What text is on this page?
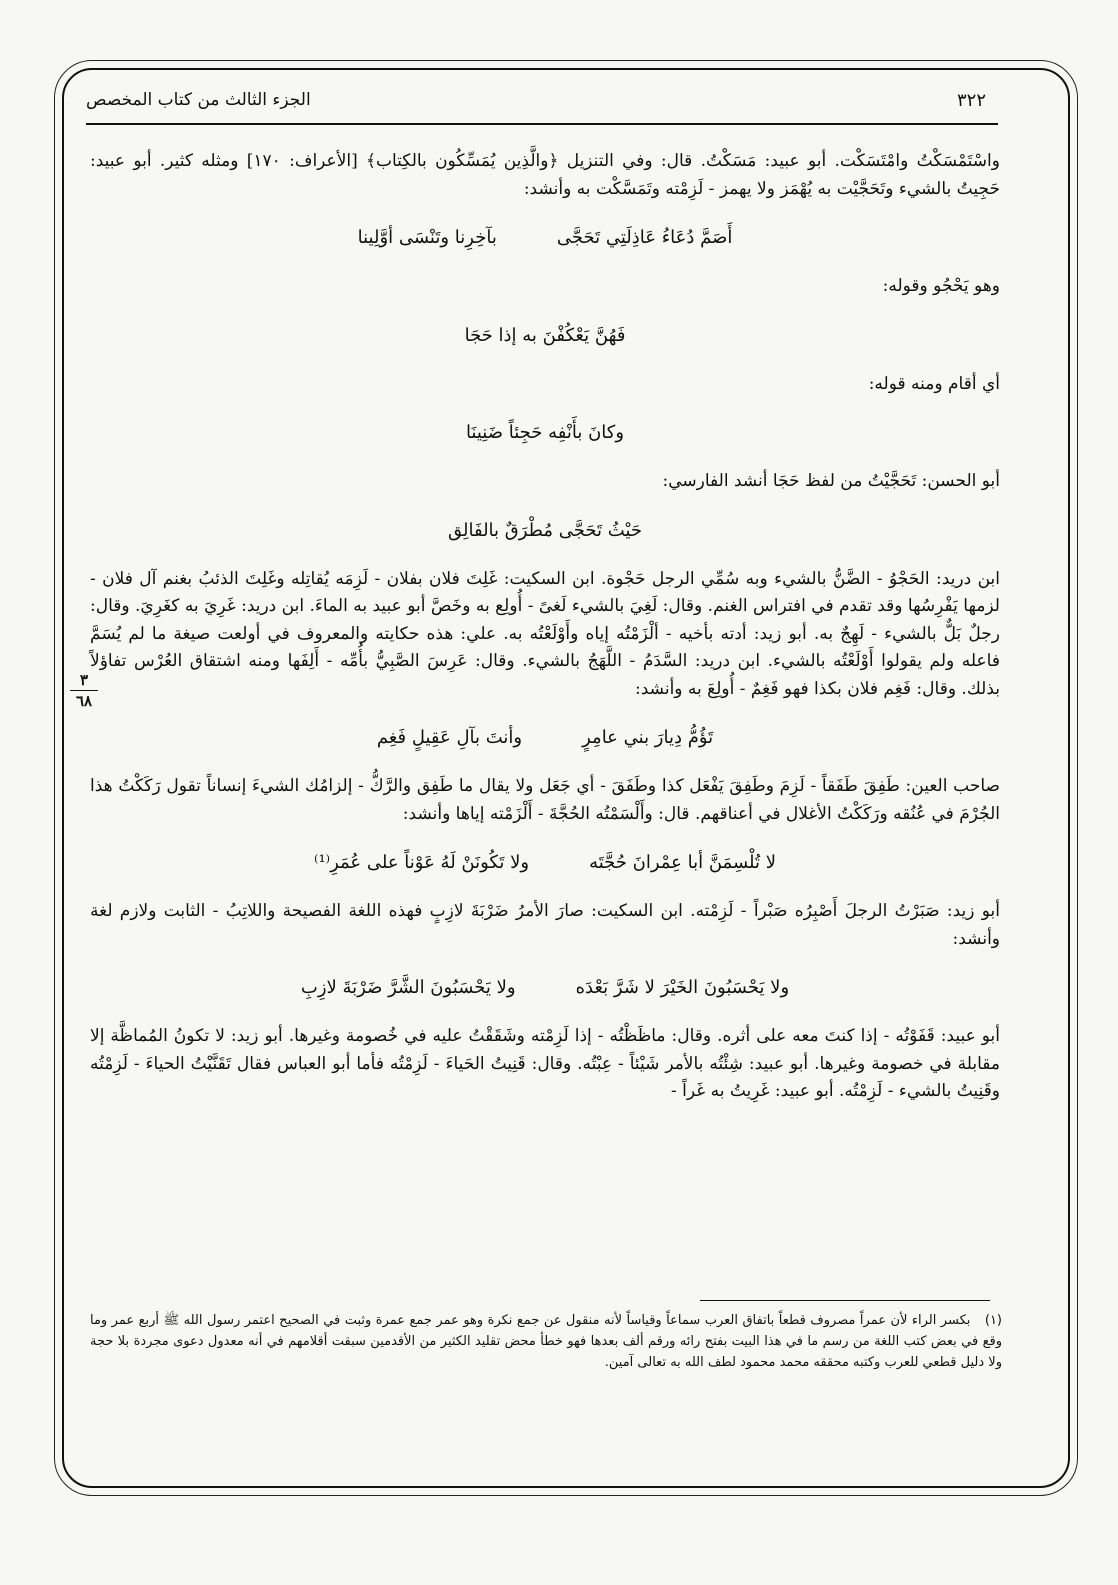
٣٢٢
الجزء الثالث من كتاب المخصص
٣
٦٨

واسْتَمْسَكْتُ وامْتَسَكْت. أبو عبيد: مَسَكْتُ. قال: وفي التنزيل ﴿والَّذِين يُمَسِّكُون بالكِتاب﴾ [الأعراف: ١٧٠] ومثله كثير. أبو عبيد: حَجِيتُ بالشيء وتَحَجَّيْت به يُهْمَز ولا يهمز - لَزِمْته وتَمَسَّكْت به وأنشد:

أَصَمَّ دُعَاءُ عَاذِلَتِي تَحَجَّى
بآخِرِنا وتَنْسَى أوَّلِينا

وهو يَحْجُو وقوله:

فَهُنَّ يَعْكُفْنَ به إذا حَجَا

أي أقام ومنه قوله:

وكانَ بأَنْفِه حَجِئاً ضَنِينَا

أبو الحسن: تَحَجَّيْتُ من لفظ حَجَا أنشد الفارسي:

حَيْثُ تَحَجَّى مُطْرَقٌ بالفَالِق

ابن دريد: الحَجْوُ - الضَّنُّ بالشيء وبه سُمِّي الرجل حَجْوة. ابن السكيت: غَلِتَ فلان بفلان - لَزِمَه يُقاتِله وغَلِتَ الذئبُ بغنم آل فلان - لزمها يَفْرِسُها وقد تقدم في افتراس الغنم. وقال: لَغِيَ بالشيء لَغىً - أُولِع به وخَصَّ أبو عبيد به الماءَ. ابن دريد: غَرِيَ به كغَرِيَ. وقال: رجلٌ بَلٌّ بالشيء - لَهِجٌ به. أبو زيد: أدته بأخيه - ألْزَمْتُه إياه وأَوْلَعْتُه به. علي: هذه حكايته والمعروف في أولعت صيغة ما لم يُسَمَّ فاعله ولم يقولوا أَوْلَعْتُه بالشيء. ابن دريد: السَّدَمُ - اللَّهَجُ بالشيء. وقال: عَرِسَ الصَّبِيُّ بأُمِّه - أَلِفَها ومنه اشتقاق العُرْس تفاؤلاً بذلك. وقال: فَغِم فلان بكذا فهو فَغِمٌ - أُولِعَ به وأنشد:

تَؤُمُّ دِيارَ بني عامِرٍ
وأنتَ بآلِ عَقِيلٍ فَغِم

صاحب العين: طَفِقَ طَفَقاً - لَزِمَ وطَفِقَ يَفْعَل كذا وطَفَقَ - أي جَعَل ولا يقال ما طَفِق والرَّكُّ - إلزامُك الشيءَ إنساناً تقول رَكَكْتُ هذا الجُرْمَ في عُنُقه ورَكَكْتُ الأغلال في أعناقهم. قال: وأَلْسَمْتُه الحُجَّةَ - أَلْزَمْته إياها وأنشد:

لا تُلْسِمَنَّ أبا عِمْرانَ حُجَّتَه
ولا تَكُونَنْ لَهُ عَوْناً على عُمَرِ⁽¹⁾

أبو زيد: صَبَرْتُ الرجلَ أَصْبِرُه صَبْراً - لَزِمْته. ابن السكيت: صارَ الأمرُ ضَرْبَةَ لازِبٍ فهذه اللغة الفصيحة واللاتِبُ - الثابت ولازم لغة وأنشد:

ولا يَحْسَبُونَ الخَيْرَ لا شَرَّ بَعْدَه
ولا يَحْسَبُونَ الشَّرَّ ضَرْبَةَ لازِبِ

أبو عبيد: قَفَوْتُه - إذا كنتَ معه على أثره. وقال: ماظَظْتُه - إذا لَزِمْته وشَقَقْتُ عليه في خُصومة وغيرها. أبو زيد: لا تكونُ المُماظَّة إلا مقابلة في خصومة وغيرها. أبو عبيد: شِئْتُه بالأمر شَيْئاً - عِبْتُه. وقال: قَنِيتُ الحَياءَ - لَزِمْتُه فأما أبو العباس فقال تَقَنَّيْتُ الحياءَ - لَزِمْتُه وقَنِيتُ بالشيء - لَزِمْتُه. أبو عبيد: غَرِيتُ به غَراً -

(١) بكسر الراء لأن عمراً مصروف قطعاً باتفاق العرب سماعاً وقياساً لأنه منقول عن جمع نكرة وهو عمر جمع عمرة وثبت في الصحيح اعتمر رسول الله ﷺ أربع عمر وما وقع في بعض كتب اللغة من رسم ما في هذا البيت بفتح رائه ورقم ألف بعدها فهو خطأ محض تقليد الكثير من الأقدمين سبقت أقلامهم في أنه معدول دعوى مجردة بلا حجة ولا دليل قطعي للعرب وكتبه محققه محمد محمود لطف الله به تعالى آمين.
